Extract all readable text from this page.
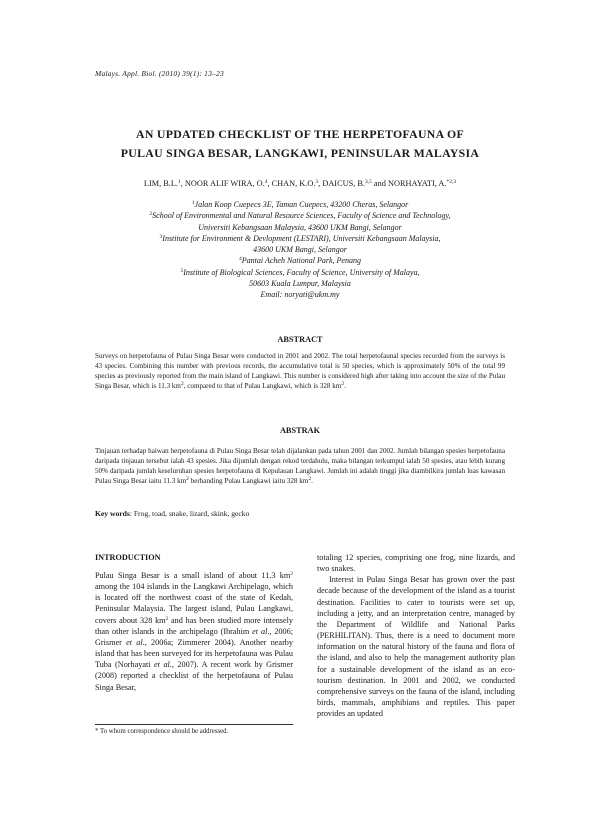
Malays. Appl. Biol. (2010) 39(1): 13–23
AN UPDATED CHECKLIST OF THE HERPETOFAUNA OF
PULAU SINGA BESAR, LANGKAWI, PENINSULAR MALAYSIA
LIM, B.L.$^1$, NOOR ALIF WIRA, O.$^4$, CHAN, K.O.$^3$, DAICUS, B.$^{3,5}$ and NORHAYATI, A.$^{*2,3}$
$^1$Jalan Koop Cuepecs 3E, Taman Cuepecs, 43200 Cheras, Selangor
$^2$School of Environmental and Natural Resource Sciences, Faculty of Science and Technology,
Universiti Kebangsaan Malaysia, 43600 UKM Bangi, Selangor
$^3$Institute for Environment & Devlopment (LESTARI), Universiti Kebangsaan Malaysia,
43600 UKM Bangi, Selangor
$^4$Pantai Acheh National Park, Penang
$^5$Institute of Biological Sciences, Faculty of Science, University of Malaya,
50603 Kuala Lumpur, Malaysia
Email: noryati@ukm.my
ABSTRACT
Surveys on herpetofauna of Pulau Singa Besar were conducted in 2001 and 2002. The total herpetofaunal species recorded from the surveys is 43 species. Combining this number with previous records, the accumulative total is 50 species, which is approximately 50% of the total 99 species as previously reported from the main island of Langkawi. This number is considered high after taking into account the size of the Pulau Singa Besar, which is 11.3 $km^2$, compared to that of Pulau Langkawi, which is 328 $km^2$.
ABSTRAK
Tinjauan terhadap haiwan herpetofauna di Pulau Singa Besar telah dijalankan pada tahun 2001 dan 2002. Jumlah bilangan spesies herpetofauna daripada tinjauan tersebut ialah 43 spesies. Jika dijumlah dengan rekod terdahulu, maka bilangan terkumpul ialah 50 spesies, atau lebih kurang 50% daripada jumlah keseluruhan spesies herpetofauna di Kepulauan Langkawi. Jumlah ini adalah tinggi jika diambilkira jumlah luas kawasan Pulau Singa Besar iaitu 11.3 $km^2$ berbanding Pulau Langkawi iaitu 328 $km^2$.
Key words: Frog, toad, snake, lizard, skink, gecko
INTRODUCTION

Pulau Singa Besar is a small island of about 11.3 $km^2$ among the 104 islands in the Langkawi Archipelago, which is located off the northwest coast of the state of Kedah, Peninsular Malaysia. The largest island, Pulau Langkawi, covers about 328 $km^2$ and has been studied more intensely than other islands in the archipelago (Ibrahim et al., 2006; Grismer et al., 2006a; Zimmerer 2004). Another nearby island that has been surveyed for its herpetofauna was Pulau Tuba (Norhayati et al., 2007). A recent work by Grismer (2008) reported a checklist of the herpetofauna of Pulau Singa Besar,

totaling 12 species, comprising one frog, nine lizards, and two snakes.

Interest in Pulau Singa Besar has grown over the past decade because of the development of the island as a tourist destination. Facilities to cater to tourists were set up, including a jetty, and an interpretation centre, managed by the Department of Wildlife and National Parks (PERHILITAN). Thus, there is a need to document more information on the natural history of the fauna and flora of the island, and also to help the management authority plan for a sustainable development of the island as an eco-tourism destination. In 2001 and 2002, we conducted comprehensive surveys on the fauna of the island, including birds, mammals, amphibians and reptiles. This paper provides an updated

* To whom correspondence should be addressed.
